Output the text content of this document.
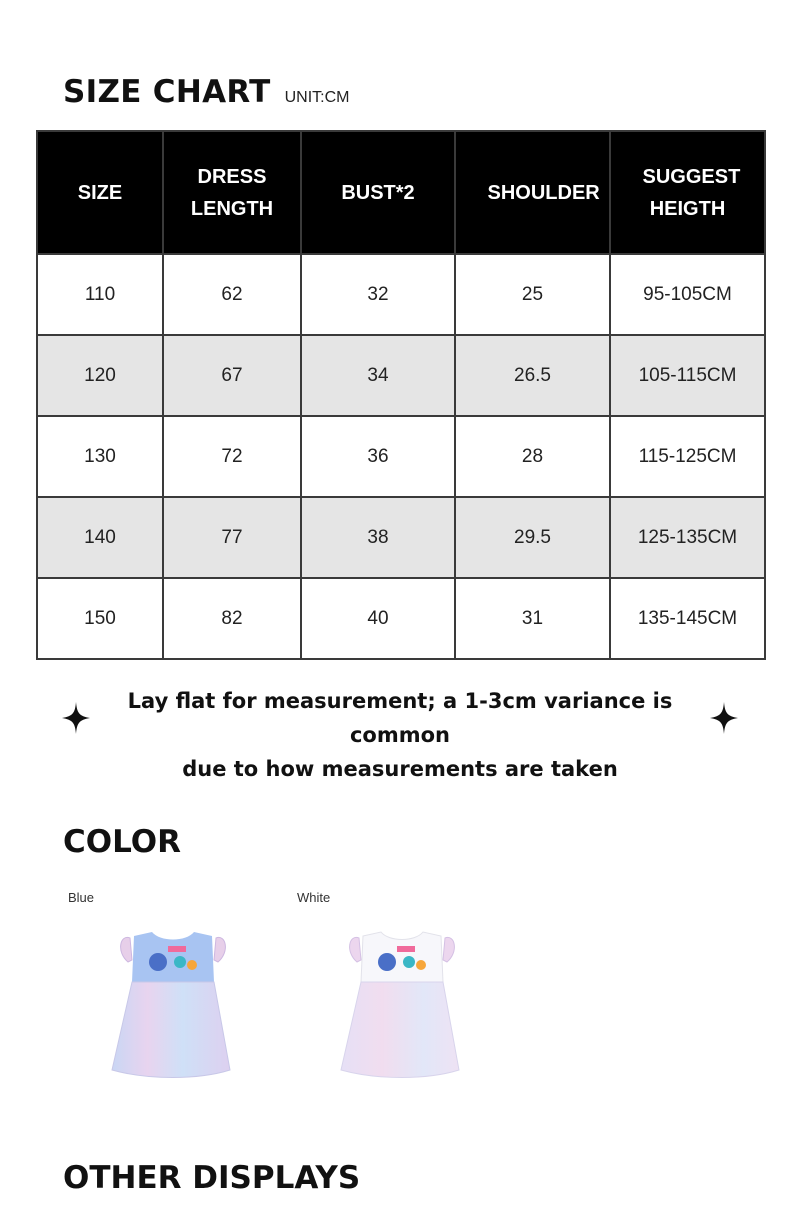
SIZE CHART UNIT:CM
SIZE	DRESS LENGTH	BUST*2	SHOULDER	SUGGEST HEIGTH
110	62	32	25	95-105CM
120	67	34	26.5	105-115CM
130	72	36	28	115-125CM
140	77	38	29.5	125-135CM
150	82	40	31	135-145CM
Lay flat for measurement; a 1-3cm variance is common
due to how measurements are taken
COLOR
Blue	White
OTHER DISPLAYS
